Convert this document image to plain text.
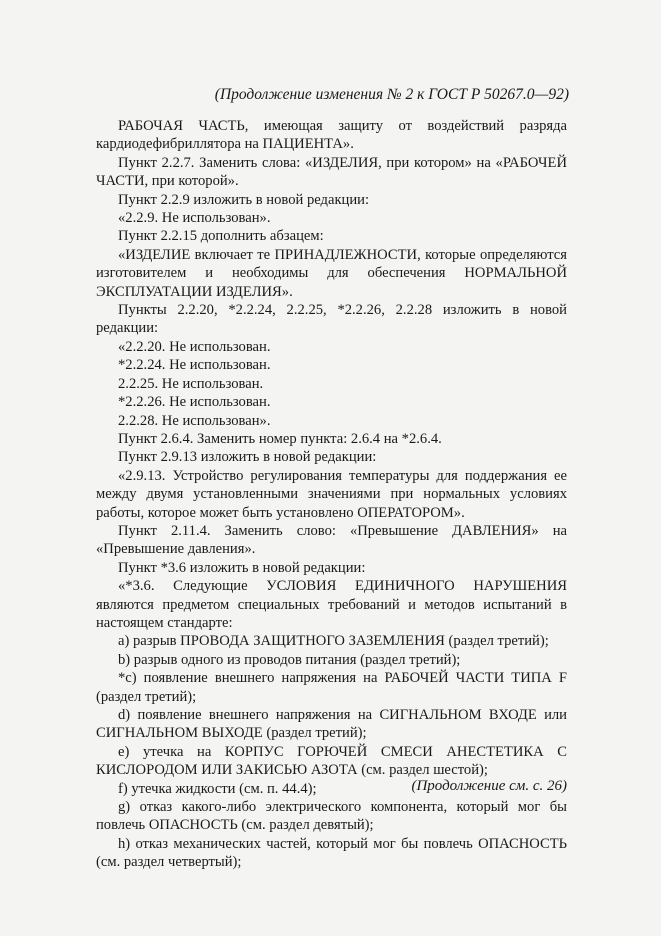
(Продолжение изменения № 2 к ГОСТ Р 50267.0—92)

РАБОЧАЯ ЧАСТЬ, имеющая защиту от воздействий разряда кардиодефибриллятора на ПАЦИЕНТА».

Пункт 2.2.7. Заменить слова: «ИЗДЕЛИЯ, при котором» на «РАБОЧЕЙ ЧАСТИ, при которой».

Пункт 2.2.9 изложить в новой редакции:

«2.2.9. Не использован».

Пункт 2.2.15 дополнить абзацем:

«ИЗДЕЛИЕ включает те ПРИНАДЛЕЖНОСТИ, которые определяются изготовителем и необходимы для обеспечения НОРМАЛЬНОЙ ЭКСПЛУАТАЦИИ ИЗДЕЛИЯ».

Пункты 2.2.20, *2.2.24, 2.2.25, *2.2.26, 2.2.28 изложить в новой редакции:

«2.2.20. Не использован.

*2.2.24. Не использован.

2.2.25. Не использован.

*2.2.26. Не использован.

2.2.28. Не использован».

Пункт 2.6.4. Заменить номер пункта: 2.6.4 на *2.6.4.

Пункт 2.9.13 изложить в новой редакции:

«2.9.13. Устройство регулирования температуры для поддержания ее между двумя установленными значениями при нормальных условиях работы, которое может быть установлено ОПЕРАТОРОМ».

Пункт 2.11.4. Заменить слово: «Превышение ДАВЛЕНИЯ» на «Превышение давления».

Пункт *3.6 изложить в новой редакции:

«*3.6. Следующие УСЛОВИЯ ЕДИНИЧНОГО НАРУШЕНИЯ являются предметом специальных требований и методов испытаний в настоящем стандарте:

а) разрыв ПРОВОДА ЗАЩИТНОГО ЗАЗЕМЛЕНИЯ (раздел третий);

b) разрыв одного из проводов питания (раздел третий);

*c) появление внешнего напряжения на РАБОЧЕЙ ЧАСТИ ТИПА F (раздел третий);

d) появление внешнего напряжения на СИГНАЛЬНОМ ВХОДЕ или СИГНАЛЬНОМ ВЫХОДЕ (раздел третий);

e) утечка на КОРПУС ГОРЮЧЕЙ СМЕСИ АНЕСТЕТИКА С КИСЛОРОДОМ ИЛИ ЗАКИСЬЮ АЗОТА (см. раздел шестой);

f) утечка жидкости (см. п. 44.4);

g) отказ какого-либо электрического компонента, который мог бы повлечь ОПАСНОСТЬ (см. раздел девятый);

h) отказ механических частей, который мог бы повлечь ОПАСНОСТЬ (см. раздел четвертый);

(Продолжение см. с. 26)
